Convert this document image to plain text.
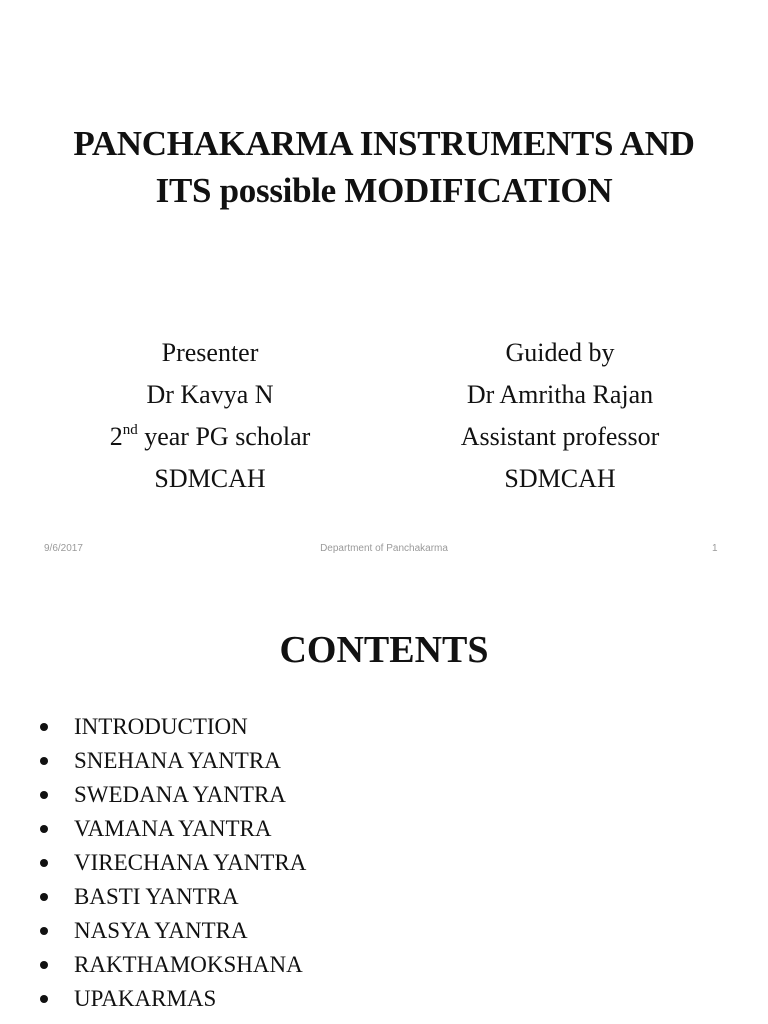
PANCHAKARMA INSTRUMENTS AND
ITS possible MODIFICATION
Presenter
Dr Kavya N
2nd year PG scholar
SDMCAH
Guided by
Dr Amritha Rajan
Assistant professor
SDMCAH
Department of Panchakarma
9/6/2017	1
CONTENTS
INTRODUCTION
SNEHANA YANTRA
SWEDANA YANTRA
VAMANA YANTRA
VIRECHANA YANTRA
BASTI YANTRA
NASYA YANTRA
RAKTHAMOKSHANA
UPAKARMAS
